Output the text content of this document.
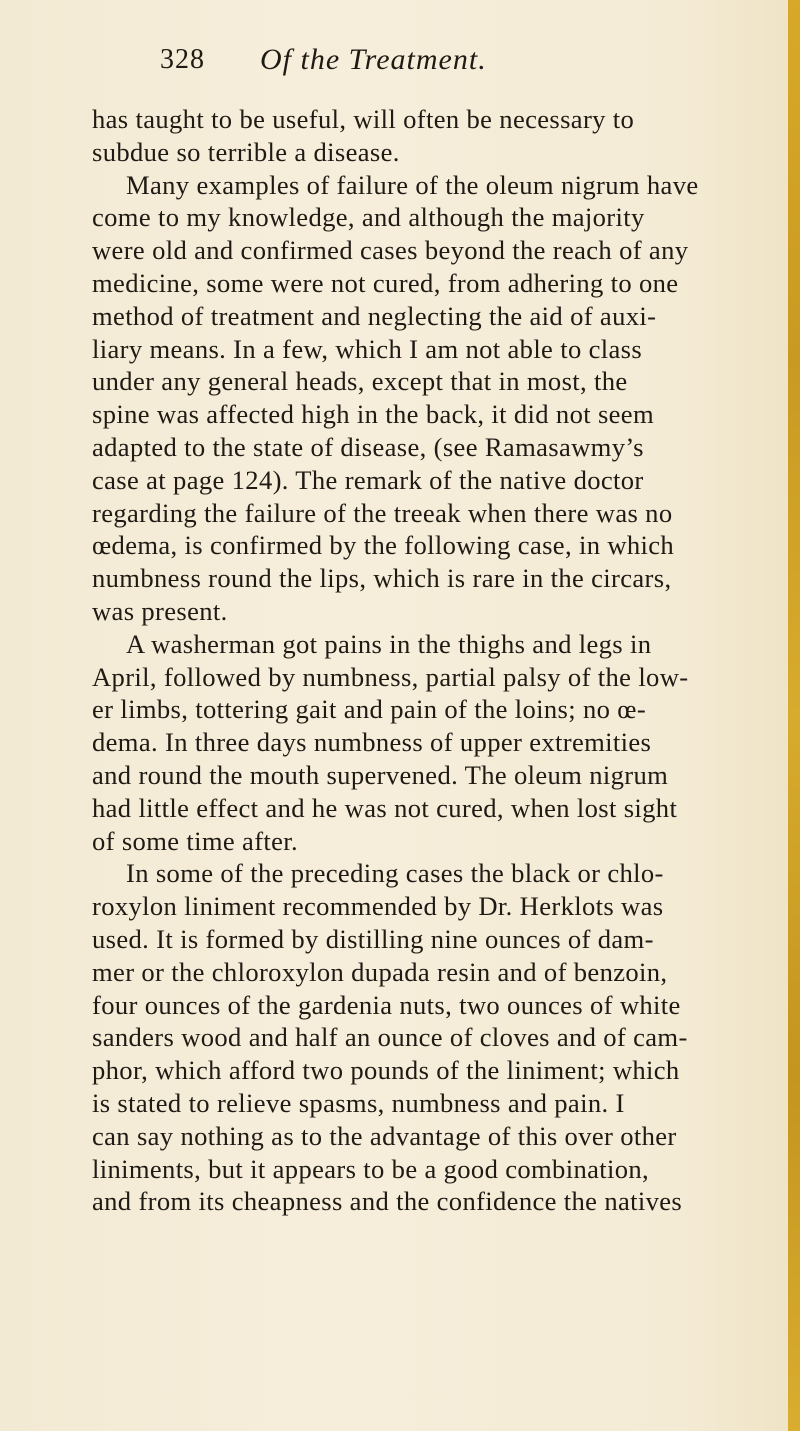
328 Of the Treatment.
has taught to be useful, will often be necessary to
subdue so terrible a disease.
Many examples of failure of the oleum nigrum have
come to my knowledge, and although the majority
were old and confirmed cases beyond the reach of any
medicine, some were not cured, from adhering to one
method of treatment and neglecting the aid of auxi-
liary means. In a few, which I am not able to class
under any general heads, except that in most, the
spine was affected high in the back, it did not seem
adapted to the state of disease, (see Ramasawmy’s
case at page 124). The remark of the native doctor
regarding the failure of the treeak when there was no
œdema, is confirmed by the following case, in which
numbness round the lips, which is rare in the circars,
was present.
A washerman got pains in the thighs and legs in
April, followed by numbness, partial palsy of the low-
er limbs, tottering gait and pain of the loins; no œ-
dema. In three days numbness of upper extremities
and round the mouth supervened. The oleum nigrum
had little effect and he was not cured, when lost sight
of some time after.
In some of the preceding cases the black or chlo-
roxylon liniment recommended by Dr. Herklots was
used. It is formed by distilling nine ounces of dam-
mer or the chloroxylon dupada resin and of benzoin,
four ounces of the gardenia nuts, two ounces of white
sanders wood and half an ounce of cloves and of cam-
phor, which afford two pounds of the liniment; which
is stated to relieve spasms, numbness and pain. I
can say nothing as to the advantage of this over other
liniments, but it appears to be a good combination,
and from its cheapness and the confidence the natives
